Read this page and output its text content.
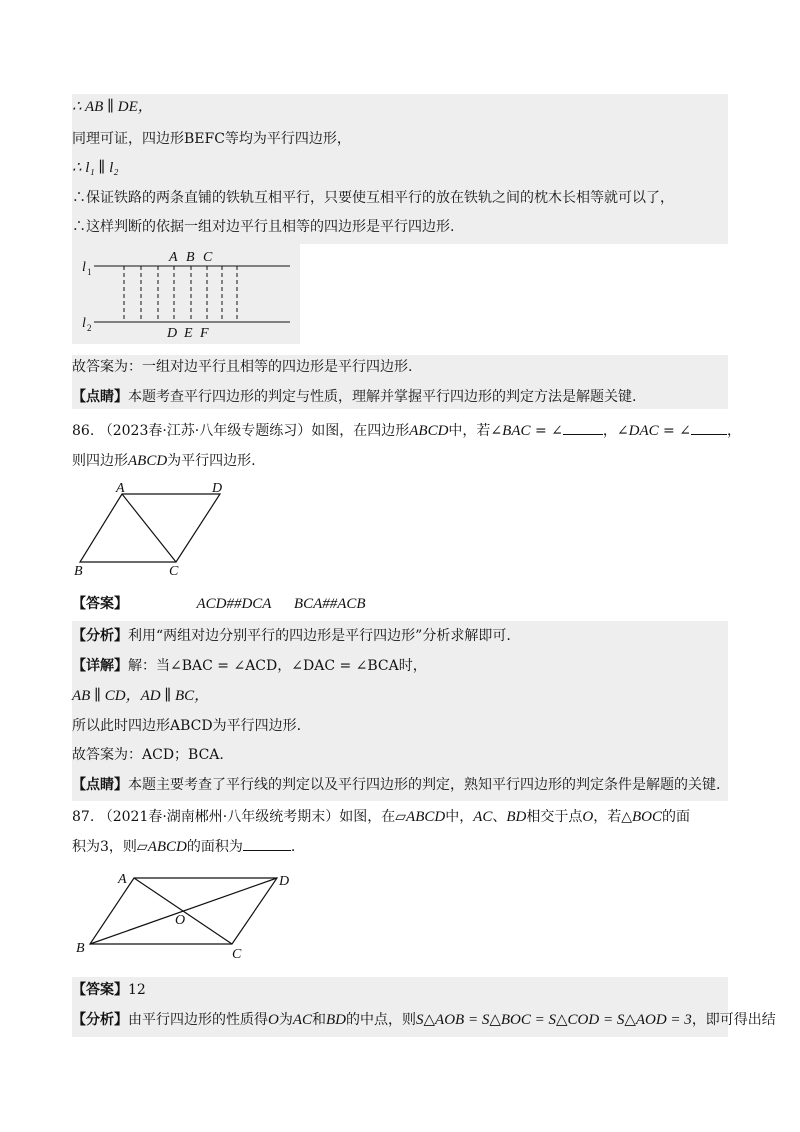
∴ AB ∥ DE，
同理可证，四边形BEFC等均为平行四边形，
∴ l₁ ∥ l₂
∴保证铁路的两条直铺的铁轨互相平行，只要使互相平行的放在铁轨之间的枕木长相等就可以了，
∴这样判断的依据一组对边平行且相等的四边形是平行四边形.
l 1
l 2
A B C
D E F
故答案为：一组对边平行且相等的四边形是平行四边形.
【点睛】本题考查平行四边形的判定与性质，理解并掌握平行四边形的判定方法是解题关键.
86. （2023春·江苏·八年级专题练习）如图，在四边形ABCD中，若∠BAC = ∠	，∠DAC = ∠	，
则四边形ABCD为平行四边形.
A	D
B	C
【答案】	ACD##DCA BCA##ACB
【分析】利用“两组对边分别平行的四边形是平行四边形”分析求解即可.
【详解】解：当∠BAC = ∠ACD，∠DAC = ∠BCA时，
AB ∥ CD，AD ∥ BC，
所以此时四边形ABCD为平行四边形.
故答案为：ACD；BCA.
【点睛】本题主要考查了平行线的判定以及平行四边形的判定，熟知平行四边形的判定条件是解题的关键.
87. （2021春·湖南郴州·八年级统考期末）如图，在▱ABCD中，AC、BD相交于点O，若△BOC的面
积为3，则▱ABCD的面积为	.
A	D
O
B	C
【答案】12
【分析】由平行四边形的性质得O为AC和BD的中点，则S△AOB = S△BOC = S△COD = S△AOD = 3，即可得出结
